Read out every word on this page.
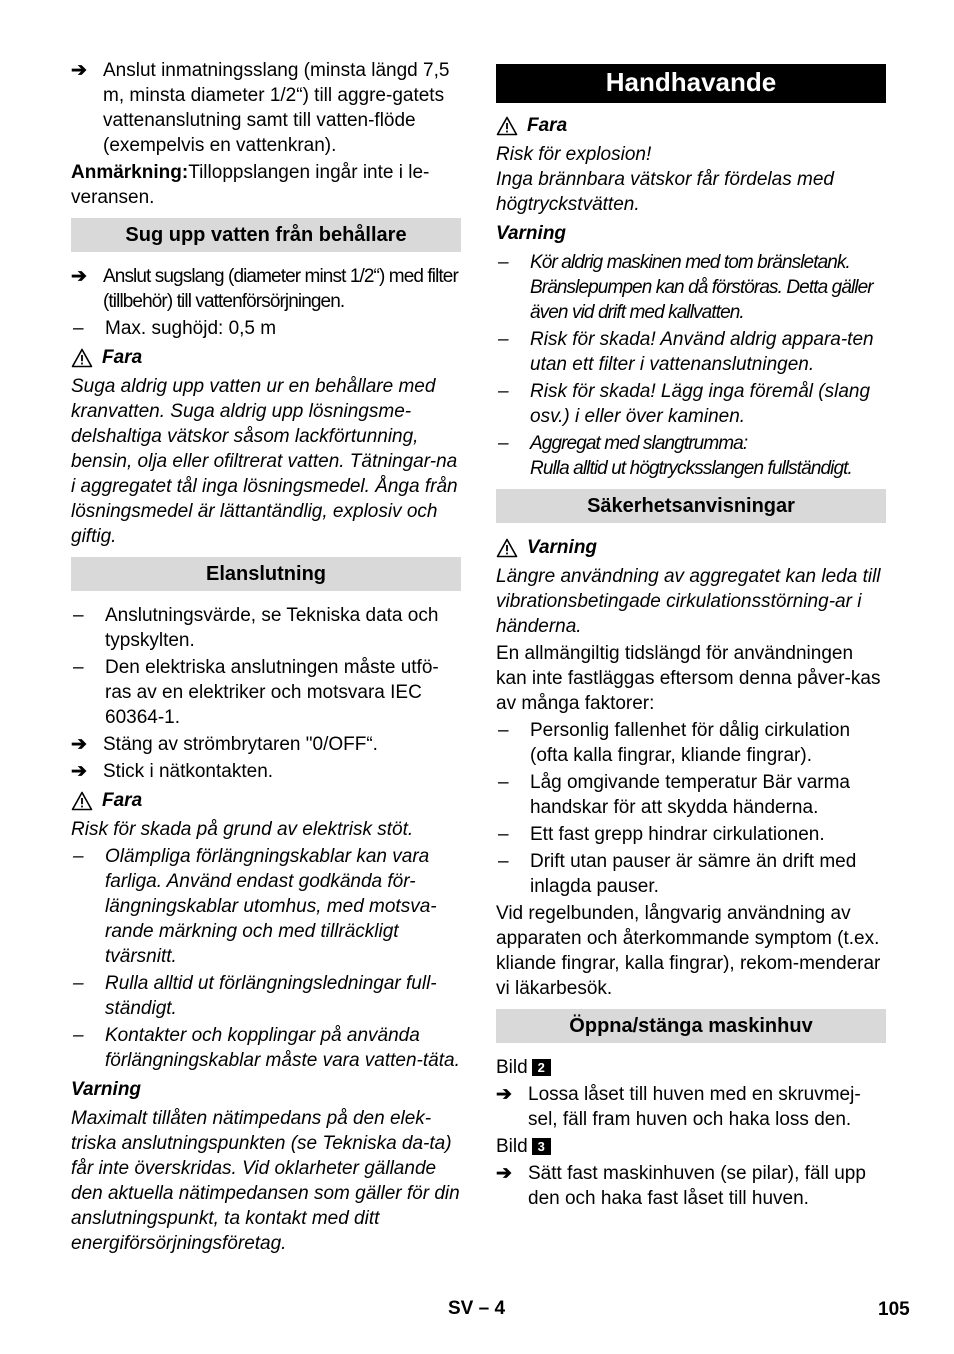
➔ Anslut inmatningsslang (minsta längd 7,5 m, minsta diameter 1/2“) till aggre-gatets vattenanslutning samt till vatten-flöde (exempelvis en vattenkran).
Anmärkning:Tilloppslangen ingår inte i le-veransen.
Sug upp vatten från behållare
➔ Anslut sugslang (diameter minst 1/2“) med filter (tillbehör) till vattenförsörjningen.
–	Max. sughöjd: 0,5 m
Fara
Suga aldrig upp vatten ur en behållare med kranvatten. Suga aldrig upp lösningsme-delshaltiga vätskor såsom lackförtunning, bensin, olja eller ofiltrerat vatten. Tätningar-na i aggregatet tål inga lösningsmedel. Ånga från lösningsmedel är lättantändlig, explosiv och giftig.
Elanslutning
–	Anslutningsvärde, se Tekniska data och typskylten.
–	Den elektriska anslutningen måste utfö-ras av en elektriker och motsvara IEC 60364-1.
➔ Stäng av strömbrytaren "0/OFF“.
➔ Stick i nätkontakten.
Fara
Risk för skada på grund av elektrisk stöt.
–	Olämpliga förlängningskablar kan vara farliga. Använd endast godkända för-längningskablar utomhus, med motsva-rande märkning och med tillräckligt tvärsnitt.
–	Rulla alltid ut förlängningsledningar full-ständigt.
–	Kontakter och kopplingar på använda förlängningskablar måste vara vatten-täta.
Varning
Maximalt tillåten nätimpedans på den elek-triska anslutningspunkten (se Tekniska da-ta) får inte överskridas. Vid oklarheter gällande den aktuella nätimpedansen som gäller för din anslutningspunkt, ta kontakt med ditt energiförsörjningsföretag.
Handhavande
Fara
Risk för explosion!
Inga brännbara vätskor får fördelas med högtryckstvätten.
Varning
–	Kör aldrig maskinen med tom bränsletank. Bränslepumpen kan då förstöras. Detta gäller även vid drift med kallvatten.
–	Risk för skada! Använd aldrig appara-ten utan ett filter i vattenanslutningen.
–	Risk för skada! Lägg inga föremål (slang osv.) i eller över kaminen.
–	Aggregat med slangtrumma:
Rulla alltid ut högtrycksslangen fullständigt.
Säkerhetsanvisningar
Varning
Längre användning av aggregatet kan leda till vibrationsbetingade cirkulationsstörning-ar i händerna.
En allmängiltig tidslängd för användningen kan inte fastläggas eftersom denna påver-kas av många faktorer:
–	Personlig fallenhet för dålig cirkulation (ofta kalla fingrar, kliande fingrar).
–	Låg omgivande temperatur Bär varma handskar för att skydda händerna.
–	Ett fast grepp hindrar cirkulationen.
–	Drift utan pauser är sämre än drift med inlagda pauser.
Vid regelbunden, långvarig användning av apparaten och återkommande symptom (t.ex. kliande fingrar, kalla fingrar), rekom-menderar vi läkarbesök.
Öppna/stänga maskinhuv
Bild 2
➔ Lossa låset till huven med en skruvmej-sel, fäll fram huven och haka loss den.
Bild 3
➔ Sätt fast maskinhuven (se pilar), fäll upp den och haka fast låset till huven.
SV – 4	105
